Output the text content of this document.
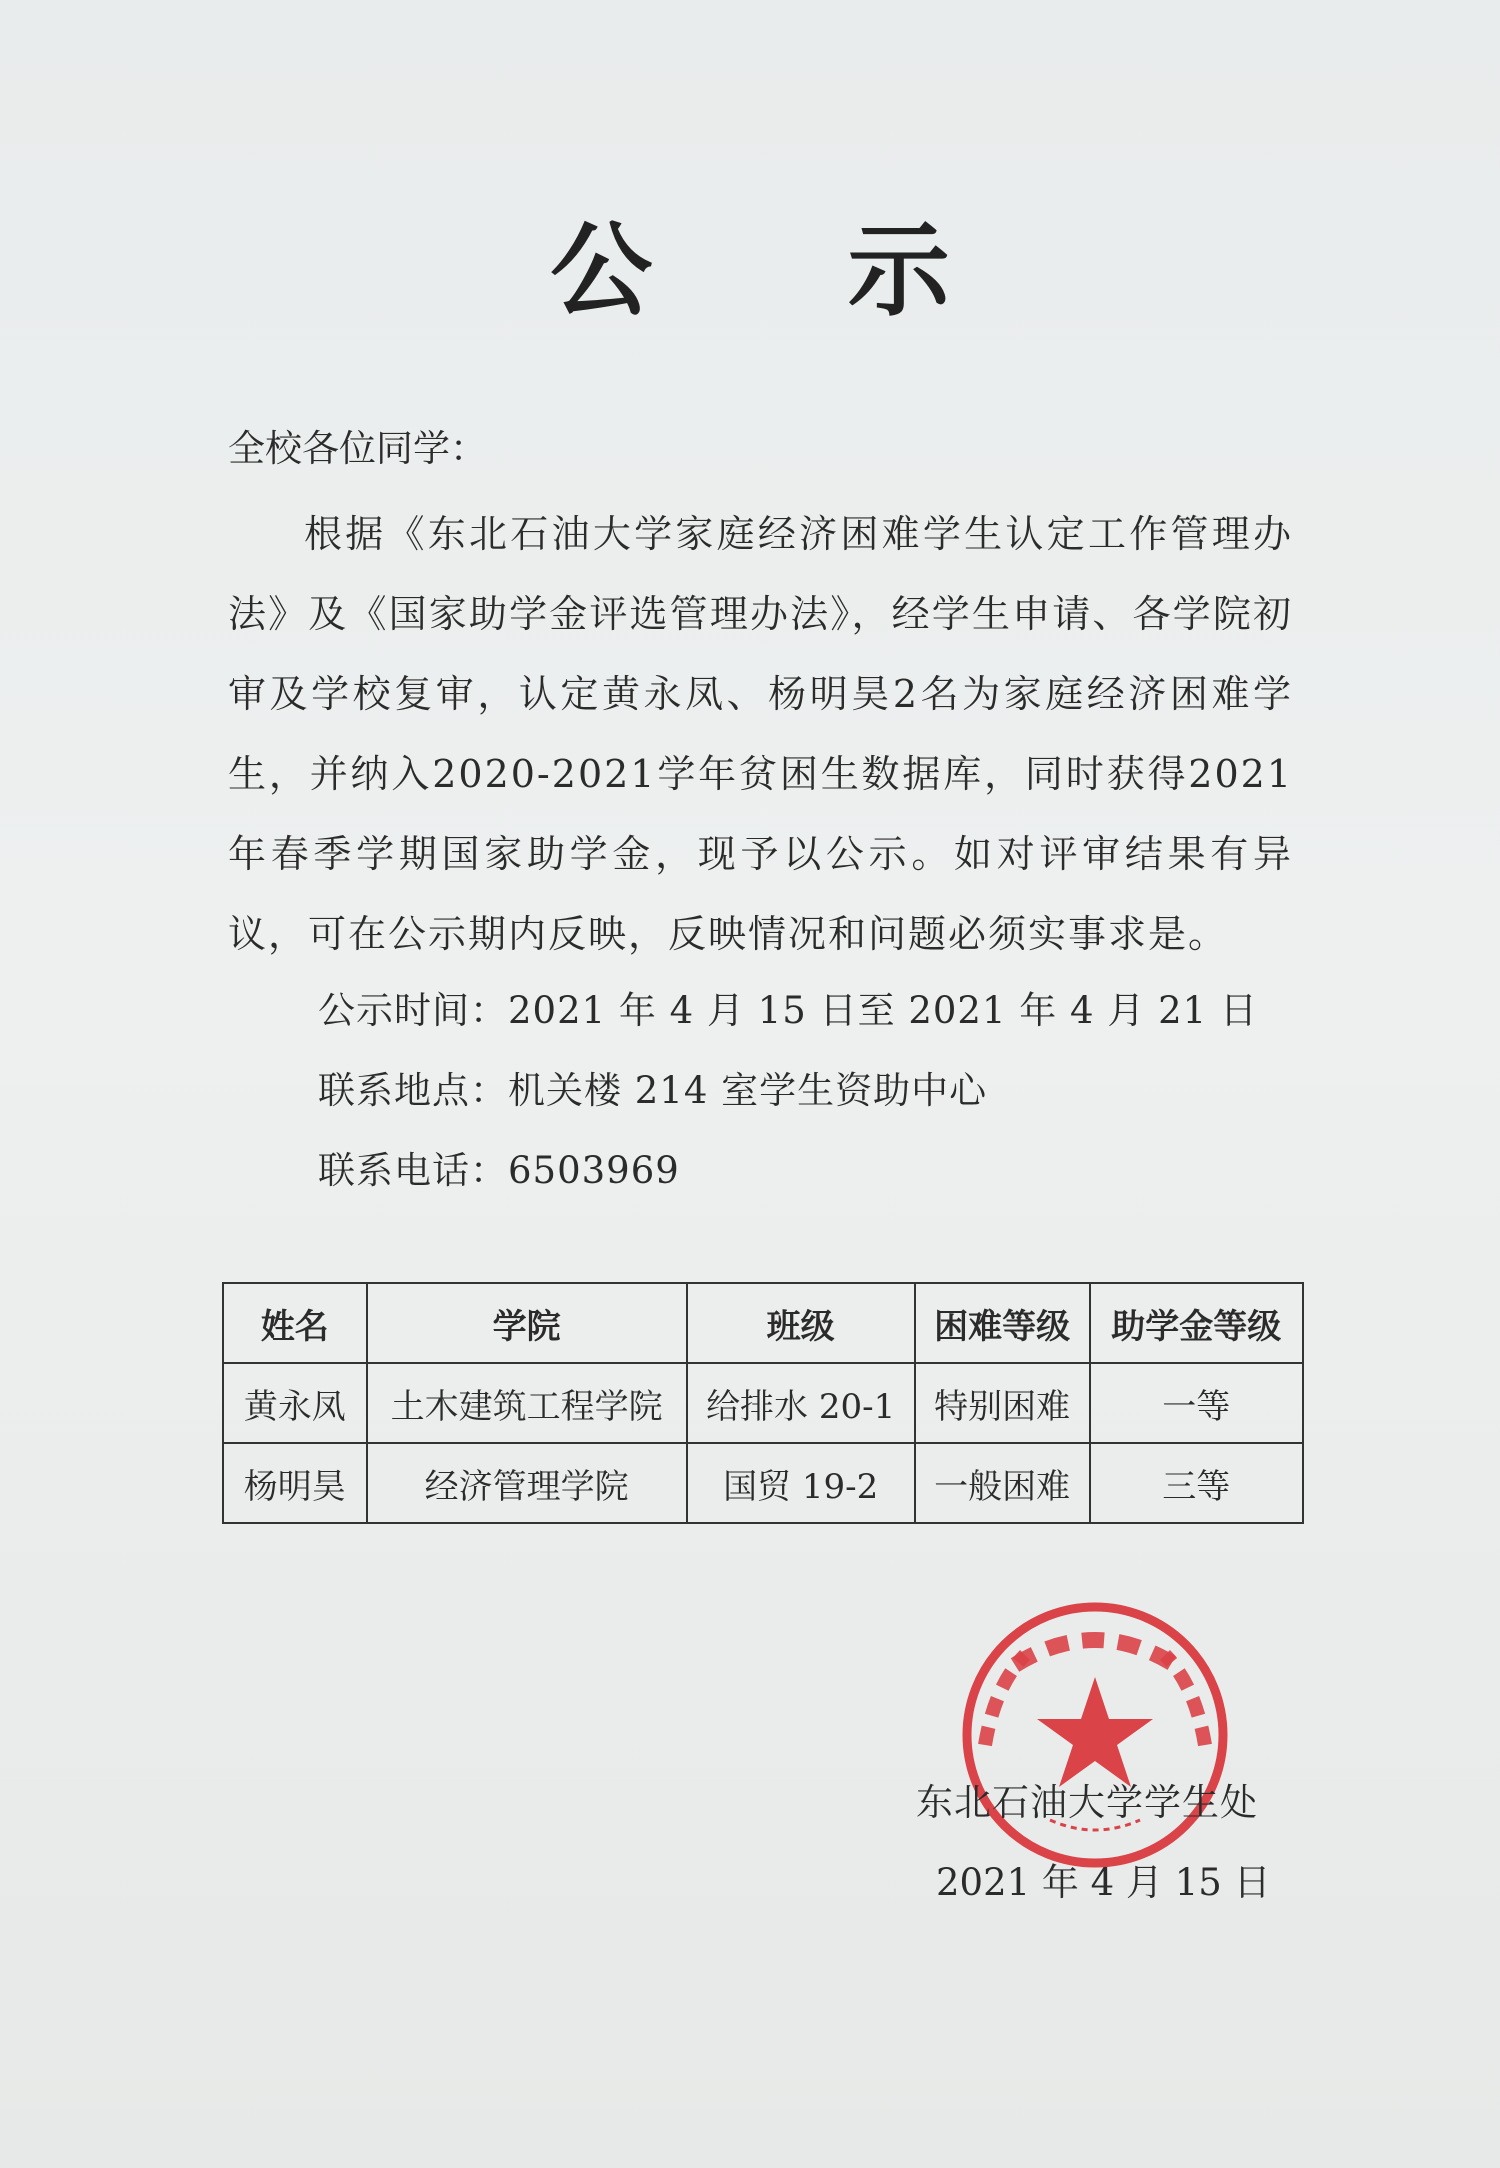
公 示
全校各位同学：
根据《东北石油大学家庭经济困难学生认定工作管理办法》及《国家助学金评选管理办法》，经学生申请、各学院初审及学校复审，认定黄永凤、杨明昊2名为家庭经济困难学生，并纳入2020-2021学年贫困生数据库，同时获得2021年春季学期国家助学金，现予以公示。如对评审结果有异议，可在公示期内反映，反映情况和问题必须实事求是。
公示时间：2021 年 4 月 15 日至 2021 年 4 月 21 日
联系地点：机关楼 214 室学生资助中心
联系电话：6503969
姓名	学院	班级	困难等级	助学金等级
黄永凤	土木建筑工程学院	给排水 20-1	特别困难	一等
杨明昊	经济管理学院	国贸 19-2	一般困难	三等
东北石油大学学生处
2021 年 4 月 15 日
